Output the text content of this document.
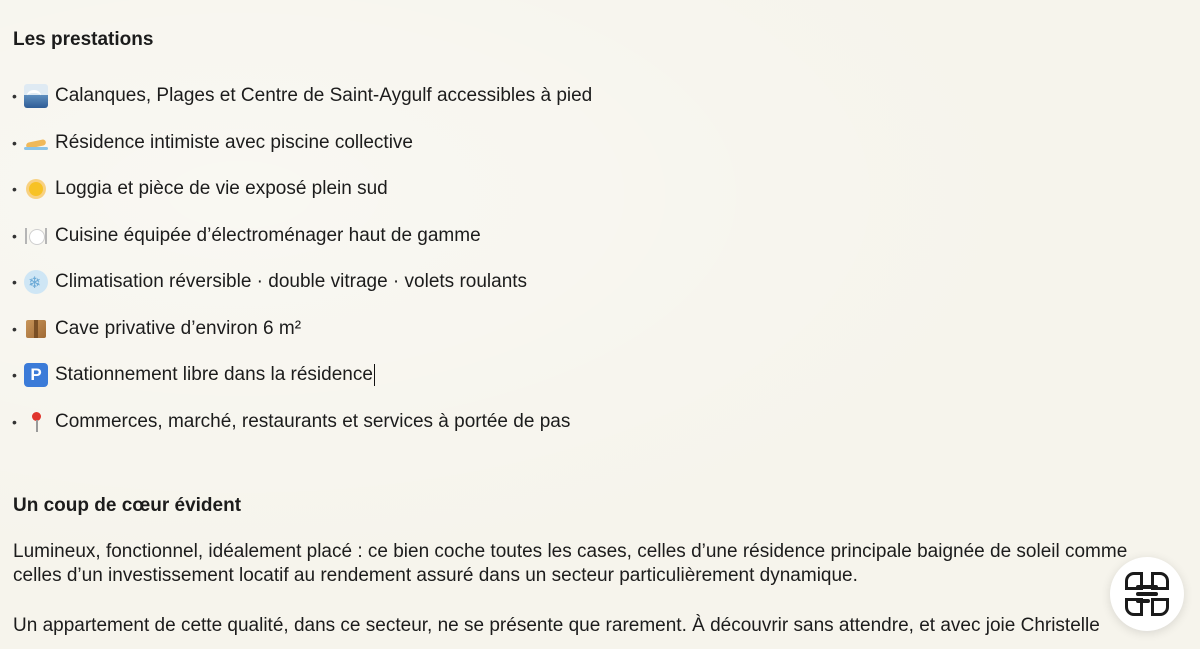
Les prestations
•	Calanques, Plages et Centre de Saint-Aygulf accessibles à pied
•	Résidence intimiste avec piscine collective
•	Loggia et pièce de vie exposé plein sud
•	Cuisine équipée d’électroménager haut de gamme
• ❄	Climatisation réversible · double vitrage · volets roulants
•	Cave privative d’environ 6 m²
• P	Stationnement libre dans la résidence
•	Commerces, marché, restaurants et services à portée de pas
Un coup de cœur évident

Lumineux, fonctionnel, idéalement placé : ce bien coche toutes les cases, celles d’une résidence principale baignée de soleil comme celles d’un investissement locatif au rendement assuré dans un secteur particulièrement dynamique.

Un appartement de cette qualité, dans ce secteur, ne se présente que rarement. À découvrir sans attendre, et avec joie Christelle
